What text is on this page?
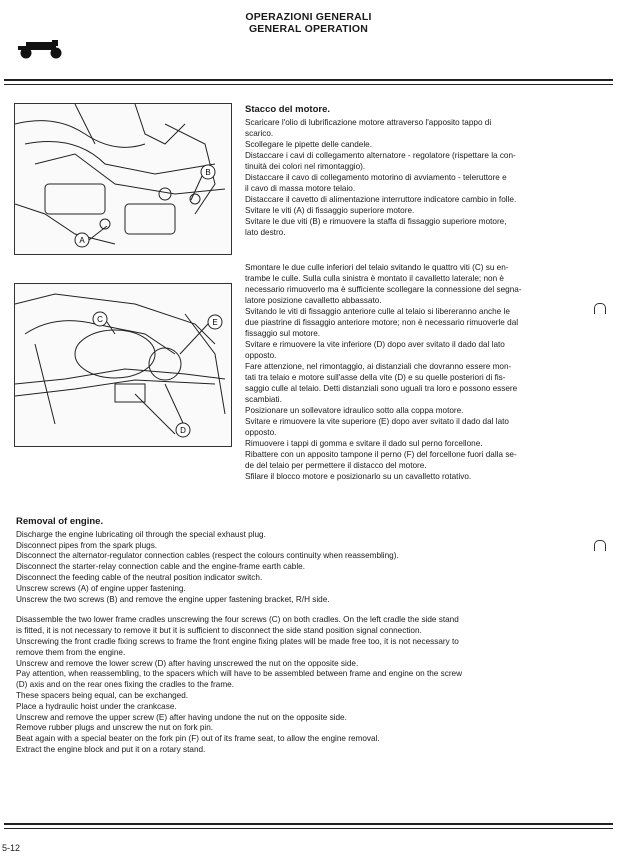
OPERAZIONI GENERALI
GENERAL OPERATION
A
B
C	E
D

Stacco del motore.

Scaricare l'olio di lubrificazione motore attraverso l'apposito tappo di

scarico.

Scollegare le pipette delle candele.

Distaccare i cavi di collegamento alternatore - regolatore (rispettare la con-

tinuità dei colori nel rimontaggio).

Distaccare il cavo di collegamento motorino di avviamento - teleruttore e

il cavo di massa motore telaio.

Distaccare il cavetto di alimentazione interruttore indicatore cambio in folle.

Svitare le viti (A) di fissaggio superiore motore.

Svitare le due viti (B) e rimuovere la staffa di fissaggio superiore motore,

lato destro.

Smontare le due culle inferiori del telaio svitando le quattro viti (C) su en-

trambe le culle. Sulla culla sinistra è montato il cavalletto laterale; non è

necessario rimuoverlo ma è sufficiente scollegare la connessione del segna-

latore posizione cavalletto abbassato.

Svitando le viti di fissaggio anteriore culle al telaio si libereranno anche le

due piastrine di fissaggio anteriore motore; non è necessario rimuoverle dal

fissaggio sul motore.

Svitare e rimuovere la vite inferiore (D) dopo aver svitato il dado dal lato

opposto.

Fare attenzione, nel rimontaggio, ai distanziali che dovranno essere mon-

tati tra telaio e motore sull'asse della vite (D) e su quelle posteriori di fis-

saggio culle al telaio. Detti distanziali sono uguali tra loro e possono essere

scambiati.

Posizionare un sollevatore idraulico sotto alla coppa motore.

Svitare e rimuovere la vite superiore (E) dopo aver svitato il dado dal lato

opposto.

Rimuovere i tappi di gomma e svitare il dado sul perno forcellone.

Ribattere con un apposito tampone il perno (F) del forcellone fuori dalla se-

de del telaio per permettere il distacco del motore.

Sfilare il blocco motore e posizionarlo su un cavalletto rotativo.

Removal of engine.

Discharge the engine lubricating oil through the special exhaust plug.

Disconnect pipes from the spark plugs.

Disconnect the alternator-regulator connection cables (respect the colours continuity when reassembling).

Disconnect the starter-relay connection cable and the engine-frame earth cable.

Disconnect the feeding cable of the neutral position indicator switch.

Unscrew screws (A) of engine upper fastening.

Unscrew the two screws (B) and remove the engine upper fastening bracket, R/H side.

Disassemble the two lower frame cradles unscrewing the four screws (C) on both cradles. On the left cradle the side stand

is fitted, it is not necessary to remove it but it is sufficient to disconnect the side stand position signal connection.

Unscrewing the front cradle fixing screws to frame the front engine fixing plates will be made free too, it is not necessary to

remove them from the engine.

Unscrew and remove the lower screw (D) after having unscrewed the nut on the opposite side.

Pay attention, when reassembling, to the spacers which will have to be assembled between frame and engine on the screw

(D) axis and on the rear ones fixing the cradles to the frame.

These spacers being equal, can be exchanged.

Place a hydraulic hoist under the crankcase.

Unscrew and remove the upper screw (E) after having undone the nut on the opposite side.

Remove rubber plugs and unscrew the nut on fork pin.

Beat again with a special beater on the fork pin (F) out of its frame seat, to allow the engine removal.

Extract the engine block and put it on a rotary stand.

5-12
